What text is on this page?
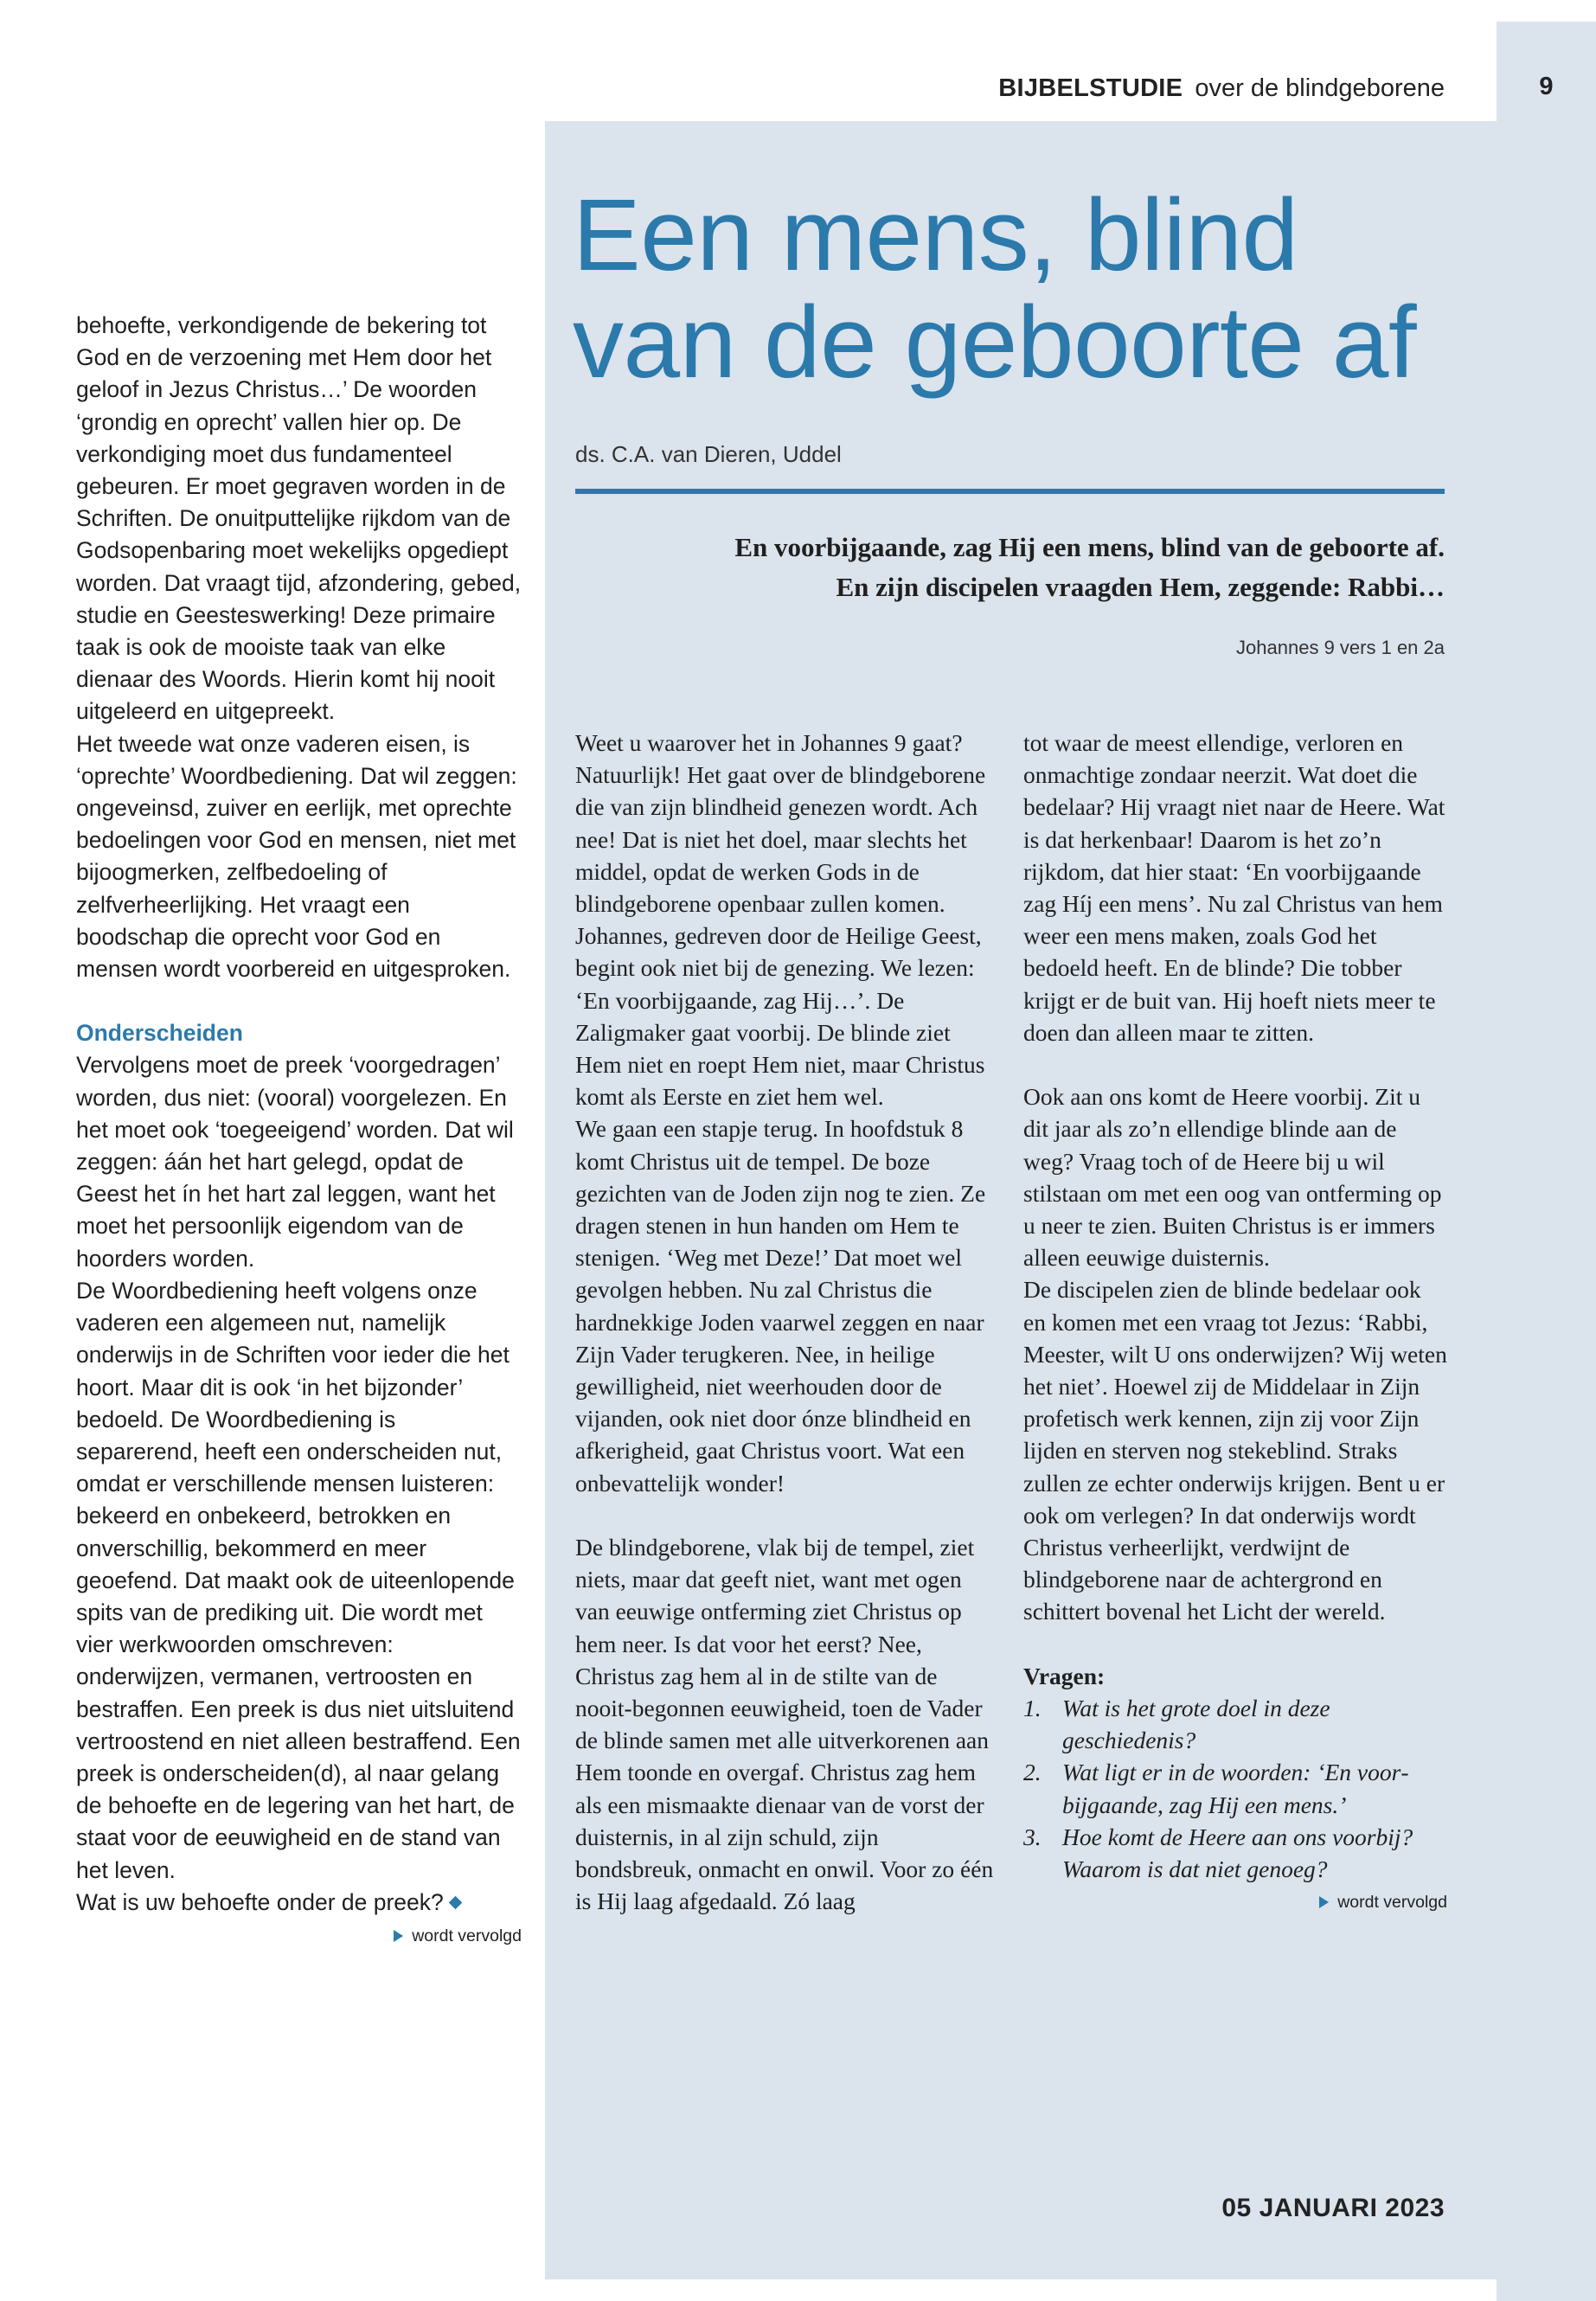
BIJBELSTUDIE over de blindgeborene	9
Een mens, blind
van de geboorte af
ds. C.A. van Dieren, Uddel

En voorbijgaande, zag Hij een mens, blind van de geboorte af.
En zijn discipelen vraagden Hem, zeggende: Rabbi…

Johannes 9 vers 1 en 2a

behoefte, verkondigende de bekering tot God en de verzoening met Hem door het geloof in Jezus Christus…’ De woorden ‘grondig en oprecht’ vallen hier op. De verkondiging moet dus fundamenteel gebeuren. Er moet gegraven worden in de Schriften. De onuitputtelijke rijkdom van de Godsopenbaring moet wekelijks opgediept worden. Dat vraagt tijd, afzondering, gebed, studie en Geesteswerking! Deze primaire taak is ook de mooiste taak van elke dienaar des Woords. Hierin komt hij nooit uitgeleerd en uitgepreekt.

Het tweede wat onze vaderen eisen, is ‘oprechte’ Woordbediening. Dat wil zeggen: ongeveinsd, zuiver en eerlijk, met oprechte bedoelingen voor God en mensen, niet met bijoogmerken, zelfbedoeling of zelfverheerlijking. Het vraagt een boodschap die oprecht voor God en mensen wordt voorbereid en uitgesproken.

Onderscheiden

Vervolgens moet de preek ‘voorgedragen’ worden, dus niet: (vooral) voorgelezen. En het moet ook ‘toegeeigend’ worden. Dat wil zeggen: áán het hart gelegd, opdat de Geest het ín het hart zal leggen, want het moet het persoonlijk eigendom van de hoorders worden.

De Woordbediening heeft volgens onze vaderen een algemeen nut, namelijk onderwijs in de Schriften voor ieder die het hoort. Maar dit is ook ‘in het bijzonder’ bedoeld. De Woordbediening is separerend, heeft een onderscheiden nut, omdat er verschillende mensen luisteren: bekeerd en onbekeerd, betrokken en onverschillig, bekommerd en meer geoefend. Dat maakt ook de uiteenlopende spits van de prediking uit. Die wordt met vier werkwoorden omschreven: onderwijzen, vermanen, vertroosten en bestraffen. Een preek is dus niet uitsluitend vertroostend en niet alleen bestraffend. Een preek is onderscheiden(d), al naar gelang de behoefte en de legering van het hart, de staat voor de eeuwigheid en de stand van het leven.

Wat is uw behoefte onder de preek?

wordt vervolgd

Weet u waarover het in Johannes 9 gaat? Natuurlijk! Het gaat over de blindgeborene die van zijn blindheid genezen wordt. Ach nee! Dat is niet het doel, maar slechts het middel, opdat de werken Gods in de blindgeborene openbaar zullen komen. Johannes, gedreven door de Heilige Geest, begint ook niet bij de genezing. We lezen: ‘En voorbijgaande, zag Hij…’. De Zaligmaker gaat voorbij. De blinde ziet Hem niet en roept Hem niet, maar Christus komt als Eerste en ziet hem wel.

We gaan een stapje terug. In hoofdstuk 8 komt Christus uit de tempel. De boze gezichten van de Joden zijn nog te zien. Ze dragen stenen in hun handen om Hem te stenigen. ‘Weg met Deze!’ Dat moet wel gevolgen hebben. Nu zal Christus die hardnekkige Joden vaarwel zeggen en naar Zijn Vader terugkeren. Nee, in heilige gewilligheid, niet weerhouden door de vijanden, ook niet door ónze blindheid en afkerigheid, gaat Christus voort. Wat een onbevattelijk wonder!

De blindgeborene, vlak bij de tempel, ziet niets, maar dat geeft niet, want met ogen van eeuwige ontferming ziet Christus op hem neer. Is dat voor het eerst? Nee, Christus zag hem al in de stilte van de nooit-begonnen eeuwigheid, toen de Vader de blinde samen met alle uitverkorenen aan Hem toonde en overgaf. Christus zag hem als een mismaakte dienaar van de vorst der duisternis, in al zijn schuld, zijn bondsbreuk, onmacht en onwil. Voor zo één is Hij laag afgedaald. Zó laag

tot waar de meest ellendige, verloren en onmachtige zondaar neerzit. Wat doet die bedelaar? Hij vraagt niet naar de Heere. Wat is dat herkenbaar! Daarom is het zo’n rijkdom, dat hier staat: ‘En voorbijgaande zag Híj een mens’. Nu zal Christus van hem weer een mens maken, zoals God het bedoeld heeft. En de blinde? Die tobber krijgt er de buit van. Hij hoeft niets meer te doen dan alleen maar te zitten.

Ook aan ons komt de Heere voorbij. Zit u dit jaar als zo’n ellendige blinde aan de weg? Vraag toch of de Heere bij u wil stilstaan om met een oog van ontferming op u neer te zien. Buiten Christus is er immers alleen eeuwige duisternis.

De discipelen zien de blinde bedelaar ook en komen met een vraag tot Jezus: ‘Rabbi, Meester, wilt U ons onderwijzen? Wij weten het niet’. Hoewel zij de Middelaar in Zijn profetisch werk kennen, zijn zij voor Zijn lijden en sterven nog stekeblind. Straks zullen ze echter onderwijs krijgen. Bent u er ook om verlegen? In dat onderwijs wordt Christus verheerlijkt, verdwijnt de blindgeborene naar de achtergrond en schittert bovenal het Licht der wereld.

Vragen:

1. Wat is het grote doel in deze geschiedenis?
2. Wat ligt er in de woorden: ‘En voorbijgaande, zag Hij een mens.’
3. Hoe komt de Heere aan ons voorbij? Waarom is dat niet genoeg?
wordt vervolgd
05 JANUARI 2023
